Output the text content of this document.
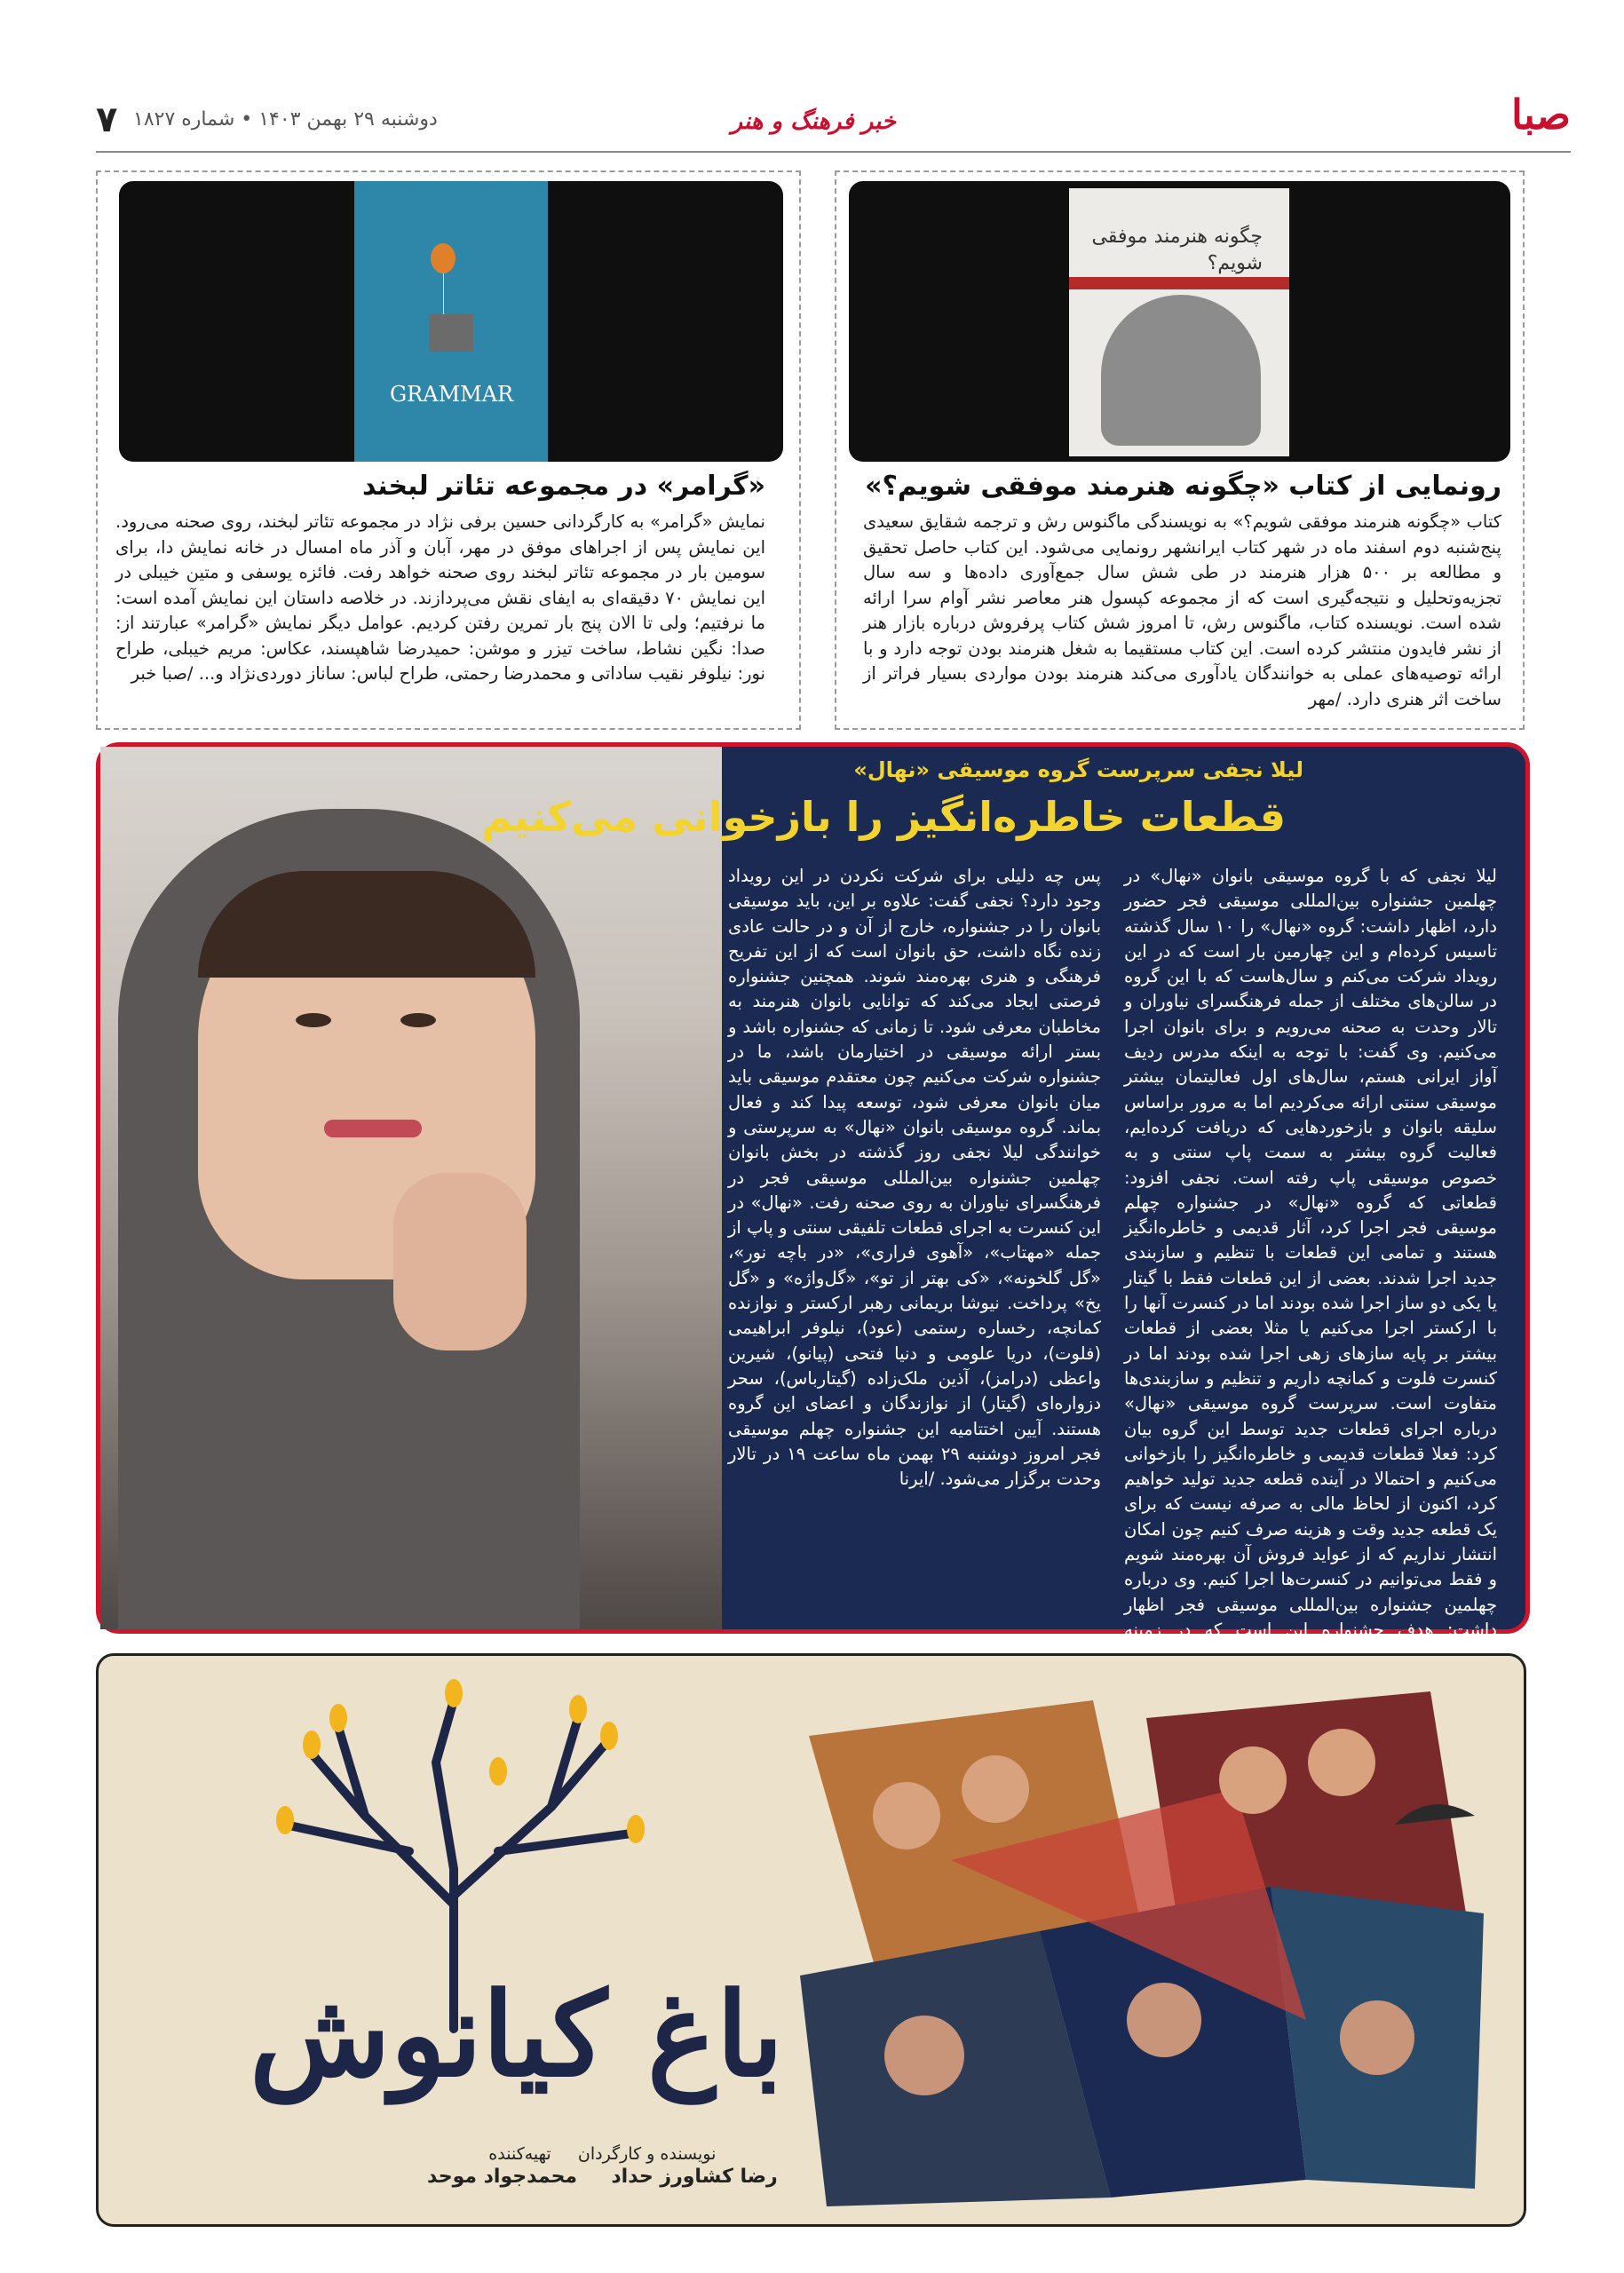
صبا
خبر فرهنگ و هنر
دوشنبه ۲۹ بهمن ۱۴۰۳ • شماره ۱۸۲۷
۷
چگونه هنرمند موفقی شویم؟
رونمایی از کتاب «چگونه هنرمند موفقی شویم؟»
کتاب «چگونه هنرمند موفقی شویم؟» به نویسندگی ماگنوس رش و ترجمه شقایق سعیدی پنج‌شنبه دوم اسفند ماه در شهر کتاب ایرانشهر رونمایی می‌شود. این کتاب حاصل تحقیق و مطالعه بر ۵۰۰ هزار هنرمند در طی شش سال جمع‌آوری داده‌ها و سه سال تجزیه‌وتحلیل و نتیجه‌گیری است که از مجموعه کپسول هنر معاصر نشر آوام سرا ارائه شده است. نویسنده کتاب، ماگنوس رش، تا امروز شش کتاب پرفروش درباره بازار هنر از نشر فایدون منتشر کرده است. این کتاب مستقیما به شغل هنرمند بودن توجه دارد و با ارائه توصیه‌های عملی به خوانندگان یادآوری می‌کند هنرمند بودن مواردی بسیار فراتر از ساخت اثر هنری دارد. /مهر
GRAMMAR
«گرامر» در مجموعه تئاتر لبخند
نمایش «گرامر» به کارگردانی حسین برفی نژاد در مجموعه تئاتر لبخند، روی صحنه می‌رود. این نمایش پس از اجراهای موفق در مهر، آبان و آذر ماه امسال در خانه نمایش دا، برای سومین بار در مجموعه تئاتر لبخند روی صحنه خواهد رفت. فائزه یوسفی و متین خیبلی در این نمایش ۷۰ دقیقه‌ای به ایفای نقش می‌پردازند. در خلاصه داستان این نمایش آمده است: ما نرفتیم؛ ولی تا الان پنج بار تمرین رفتن کردیم. عوامل دیگر نمایش «گرامر» عبارتند از: صدا: نگین نشاط، ساخت تیزر و موشن: حمیدرضا شاهپسند، عکاس: مریم خیبلی، طراح نور: نیلوفر نقیب ساداتی و محمدرضا رحمتی، طراح لباس: ساناز دوردی‌نژاد و... /صبا خبر
لیلا نجفی سرپرست گروه موسیقی «نهال»
قطعات خاطره‌انگیز را بازخوانی می‌کنیم
لیلا نجفی که با گروه موسیقی بانوان «نهال» در چهلمین جشنواره بین‌المللی موسیقی فجر حضور دارد، اظهار داشت: گروه «نهال» را ۱۰ سال گذشته تاسیس کرده‌ام و این چهارمین بار است که در این رویداد شرکت می‌کنم و سال‌هاست که با این گروه در سالن‌های مختلف از جمله فرهنگسرای نیاوران و تالار وحدت به صحنه می‌رویم و برای بانوان اجرا می‌کنیم. وی گفت: با توجه به اینکه مدرس ردیف آواز ایرانی هستم، سال‌های اول فعالیتمان بیشتر موسیقی سنتی ارائه می‌کردیم اما به مرور براساس سلیقه بانوان و بازخوردهایی که دریافت کرده‌ایم، فعالیت گروه بیشتر به سمت پاپ سنتی و به خصوص موسیقی پاپ رفته است. نجفی افزود: قطعاتی که گروه «نهال» در جشنواره چهلم موسیقی فجر اجرا کرد، آثار قدیمی و خاطره‌انگیز هستند و تمامی این قطعات با تنظیم و سازبندی جدید اجرا شدند. بعضی از این قطعات فقط با گیتار یا یکی دو ساز اجرا شده بودند اما در کنسرت آنها را با ارکستر اجرا می‌کنیم یا مثلا بعضی از قطعات بیشتر بر پایه سازهای زهی اجرا شده بودند اما در کنسرت فلوت و کمانچه داریم و تنظیم و سازبندی‌ها متفاوت است. سرپرست گروه موسیقی «نهال» درباره اجرای قطعات جدید توسط این گروه بیان کرد: فعلا قطعات قدیمی و خاطره‌انگیز را بازخوانی می‌کنیم و احتمالا در آینده قطعه جدید تولید خواهیم کرد، اکنون از لحاظ مالی به صرفه نیست که برای یک قطعه جدید وقت و هزینه صرف کنیم چون امکان انتشار نداریم که از عواید فروش آن بهره‌مند شویم و فقط می‌توانیم در کنسرت‌ها اجرا کنیم. وی درباره چهلمین جشنواره بین‌المللی موسیقی فجر اظهار داشت: هدف جشنواره این است که در زمینه
پس چه دلیلی برای شرکت نکردن در این رویداد وجود دارد؟ نجفی گفت: علاوه بر این، باید موسیقی بانوان را در جشنواره، خارج از آن و در حالت عادی زنده نگاه داشت، حق بانوان است که از این تفریح فرهنگی و هنری بهره‌مند شوند. همچنین جشنواره فرصتی ایجاد می‌کند که توانایی بانوان هنرمند به مخاطبان معرفی شود. تا زمانی که جشنواره باشد و بستر ارائه موسیقی در اختیارمان باشد، ما در جشنواره شرکت می‌کنیم چون معتقدم موسیقی باید میان بانوان معرفی شود، توسعه پیدا کند و فعال بماند. گروه موسیقی بانوان «نهال» به سرپرستی و خوانندگی لیلا نجفی روز گذشته در بخش بانوان چهلمین جشنواره بین‌المللی موسیقی فجر در فرهنگسرای نیاوران به روی صحنه رفت. «نهال» در این کنسرت به اجرای قطعات تلفیقی سنتی و پاپ از جمله «مهتاب»، «آهوی فراری»، «در باچه نور»، «گل گلخونه»، «کی بهتر از تو»، «گل‌واژه» و «گل یخ» پرداخت. نیوشا بریمانی رهبر ارکستر و نوازنده کمانچه، رخساره رستمی (عود)، نیلوفر ابراهیمی (فلوت)، دریا علومی و دنیا فتحی (پیانو)، شیرین واعظی (درامز)، آذین ملک‌زاده (گیتارباس)، سحر دزواره‌ای (گیتار) از نوازندگان و اعضای این گروه هستند. آیین اختتامیه این جشنواره چهلم موسیقی فجر امروز دوشنبه ۲۹ بهمن ماه ساعت ۱۹ در تالار وحدت برگزار می‌شود. /ایرنا
باغ کیانوش
نویسنده و کارگردان     تهیه‌کننده
رضا کشاورز حداد     محمدجواد موحد
